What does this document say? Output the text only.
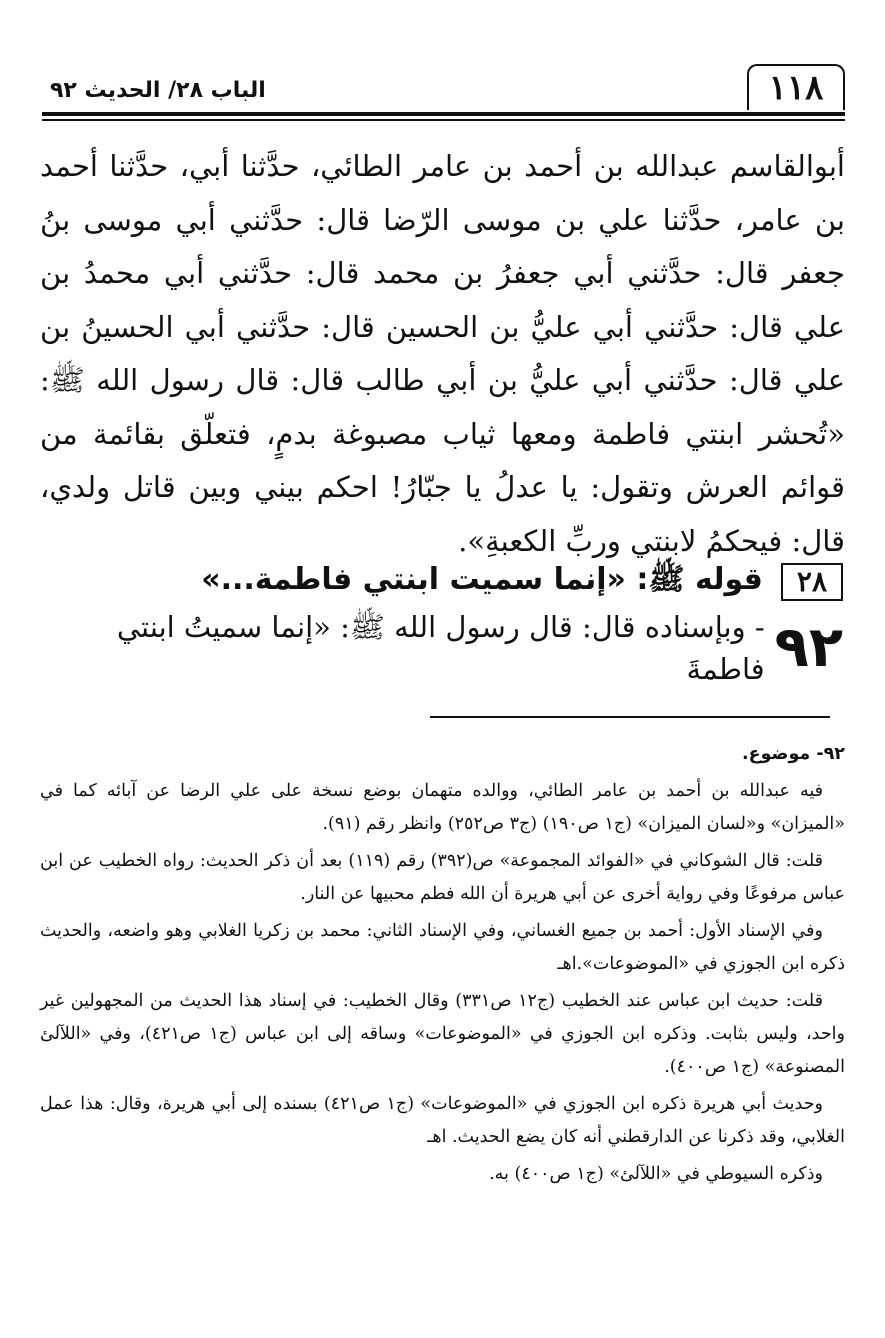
١١٨
الباب ٢٨/ الحديث ٩٢

أبوالقاسم عبدالله بن أحمد بن عامر الطائي، حدَّثنا أبي، حدَّثنا أحمد بن عامر، حدَّثنا علي بن موسى الرّضا قال: حدَّثني أبي موسى بنُ جعفر قال: حدَّثني أبي جعفرُ بن محمد قال: حدَّثني أبي محمدُ بن علي قال: حدَّثني أبي عليُّ بن الحسين قال: حدَّثني أبي الحسينُ بن علي قال: حدَّثني أبي عليُّ بن أبي طالب قال: قال رسول الله ﷺ: «تُحشر ابنتي فاطمة ومعها ثياب مصبوغة بدمٍ، فتعلّق بقائمة من قوائم العرش وتقول: يا عدلُ يا جبّارُ! احكم بيني وبين قاتل ولدي، قال: فيحكمُ لابنتي وربِّ الكعبةِ».

٢٨
قوله ﷺ: «إنما سميت ابنتي فاطمة...»
٩٢
- وبإسناده قال: قال رسول الله ﷺ: «إنما سميتُ ابنتي فاطمةَ

٩٢- موضوع.

فيه عبدالله بن أحمد بن عامر الطائي، ووالده متهمان بوضع نسخة على علي الرضا عن آبائه كما في «الميزان» و«لسان الميزان» (ج١ ص١٩٠) (ج٣ ص٢٥٢) وانظر رقم (٩١).

قلت: قال الشوكاني في «الفوائد المجموعة» ص(٣٩٢) رقم (١١٩) بعد أن ذكر الحديث: رواه الخطيب عن ابن عباس مرفوعًا وفي رواية أخرى عن أبي هريرة أن الله فطم محبيها عن النار.

وفي الإسناد الأول: أحمد بن جميع الغساني، وفي الإسناد الثاني: محمد بن زكريا الغلابي وهو واضعه، والحديث ذكره ابن الجوزي في «الموضوعات».اهـ

قلت: حديث ابن عباس عند الخطيب (ج١٢ ص٣٣١) وقال الخطيب: في إسناد هذا الحديث من المجهولين غير واحد، وليس بثابت. وذكره ابن الجوزي في «الموضوعات» وساقه إلى ابن عباس (ج١ ص٤٢١)، وفي «اللآلئ المصنوعة» (ج١ ص٤٠٠).

وحديث أبي هريرة ذكره ابن الجوزي في «الموضوعات» (ج١ ص٤٢١) بسنده إلى أبي هريرة، وقال: هذا عمل الغلابي، وقد ذكرنا عن الدارقطني أنه كان يضع الحديث. اهـ

وذكره السيوطي في «اللآلئ» (ج١ ص٤٠٠) به.
